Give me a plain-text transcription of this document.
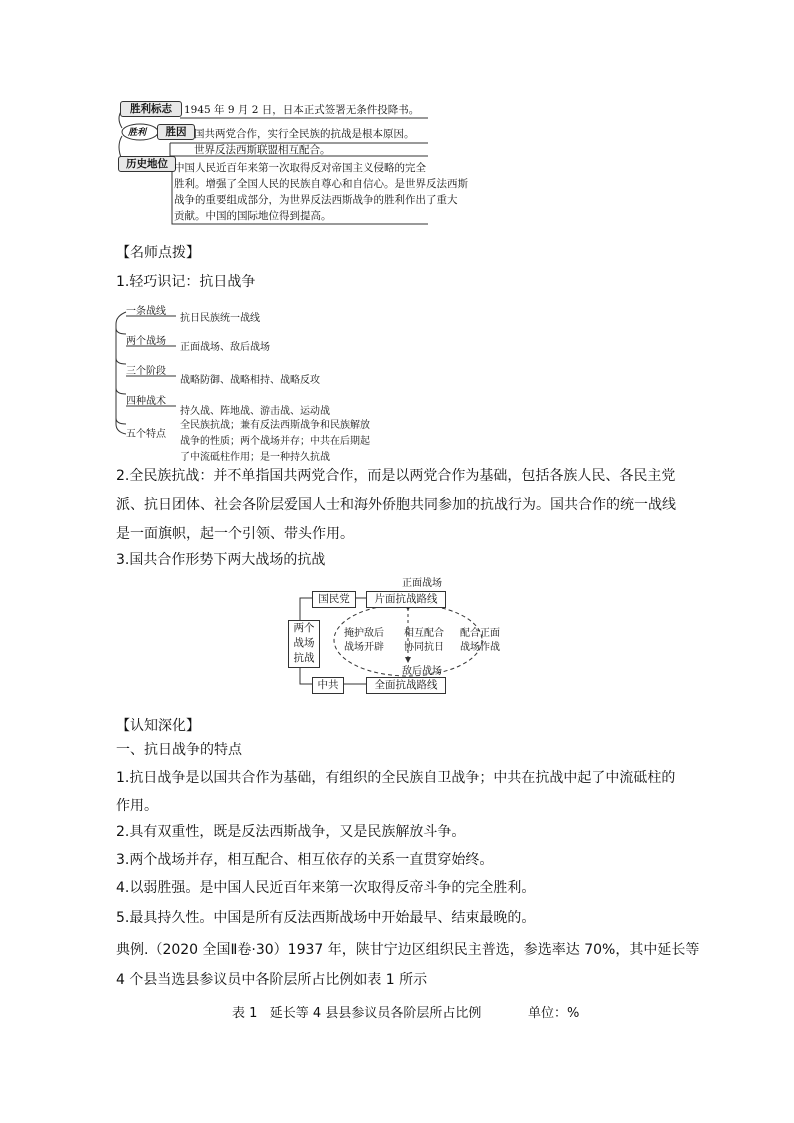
胜利标志	1945 年 9 月 2 日，日本正式签署无条件投降书。
胜利	胜因 国共两党合作，实行全民族的抗战是根本原因。
世界反法西斯联盟相互配合。
历史地位 中国人民近百年来第一次取得反对帝国主义侵略的完全
胜利。增强了全国人民的民族自尊心和自信心。是世界反法西斯
战争的重要组成部分，为世界反法西斯战争的胜利作出了重大
贡献。中国的国际地位得到提高。
【名师点拨】
1.轻巧识记：抗日战争
一条战线
抗日民族统一战线
两个战场
正面战场、敌后战场
三个阶段
战略防御、战略相持、战略反攻
四种战术
持久战、阵地战、游击战、运动战
五个特点
全民族抗战；兼有反法西斯战争和民族解放
战争的性质；两个战场并存；中共在后期起
了中流砥柱作用；是一种持久抗战
2.全民族抗战：并不单指国共两党合作，而是以两党合作为基础，包括各族人民、各民主党
派、抗日团体、社会各阶层爱国人士和海外侨胞共同参加的抗战行为。国共合作的统一战线
是一面旗帜，起一个引领、带头作用。
3.国共合作形势下两大战场的抗战
两个
战场
抗战
国民党
中共
正面战场
片面抗战路线
敌后战场
全面抗战路线
掩护敌后
战场开辟
相互配合
协同抗日
配合正面
战场作战
【认知深化】
一、抗日战争的特点
1.抗日战争是以国共合作为基础，有组织的全民族自卫战争；中共在抗战中起了中流砥柱的
作用。
2.具有双重性，既是反法西斯战争，又是民族解放斗争。
3.两个战场并存，相互配合、相互依存的关系一直贯穿始终。
4.以弱胜强。是中国人民近百年来第一次取得反帝斗争的完全胜利。
5.最具持久性。中国是所有反法西斯战场中开始最早、结束最晚的。
典例.（2020 全国Ⅱ卷·30）1937 年，陕甘宁边区组织民主普选，参选率达 70%，其中延长等
4 个县当选县参议员中各阶层所占比例如表 1 所示
表 1   延长等 4 县县参议员各阶层所占比例	单位：%
